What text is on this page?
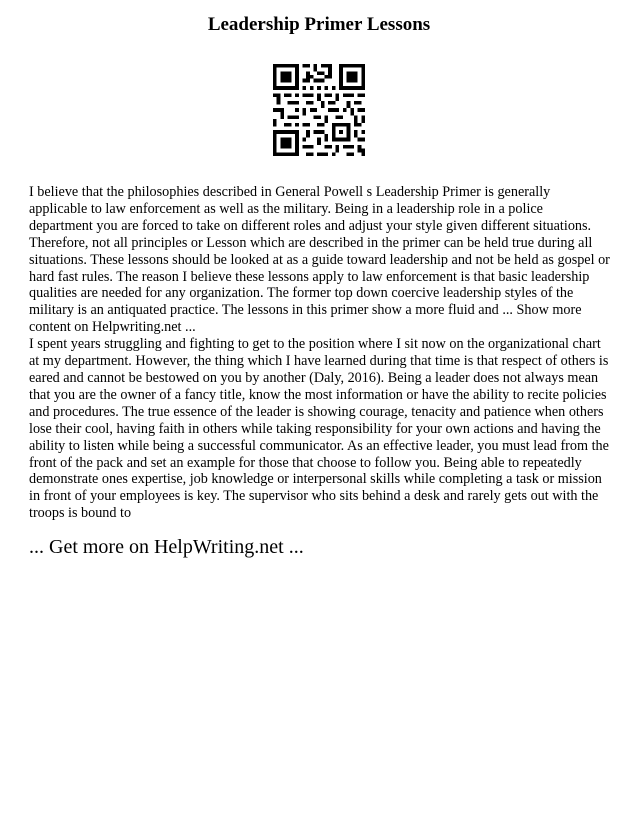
Leadership Primer Lessons

I believe that the philosophies described in General Powell s Leadership Primer is generally applicable to law enforcement as well as the military. Being in a leadership role in a police department you are forced to take on different roles and adjust your style given different situations. Therefore, not all principles or Lesson which are described in the primer can be held true during all situations. These lessons should be looked at as a guide toward leadership and not be held as gospel or hard fast rules. The reason I believe these lessons apply to law enforcement is that basic leadership qualities are needed for any organization. The former top down coercive leadership styles of the military is an antiquated practice. The lessons in this primer show a more fluid and ... Show more content on Helpwriting.net ...

I spent years struggling and fighting to get to the position where I sit now on the organizational chart at my department. However, the thing which I have learned during that time is that respect of others is eared and cannot be bestowed on you by another (Daly, 2016). Being a leader does not always mean that you are the owner of a fancy title, know the most information or have the ability to recite policies and procedures. The true essence of the leader is showing courage, tenacity and patience when others lose their cool, having faith in others while taking responsibility for your own actions and having the ability to listen while being a successful communicator. As an effective leader, you must lead from the front of the pack and set an example for those that choose to follow you. Being able to repeatedly demonstrate ones expertise, job knowledge or interpersonal skills while completing a task or mission in front of your employees is key. The supervisor who sits behind a desk and rarely gets out with the troops is bound to

... Get more on HelpWriting.net ...
